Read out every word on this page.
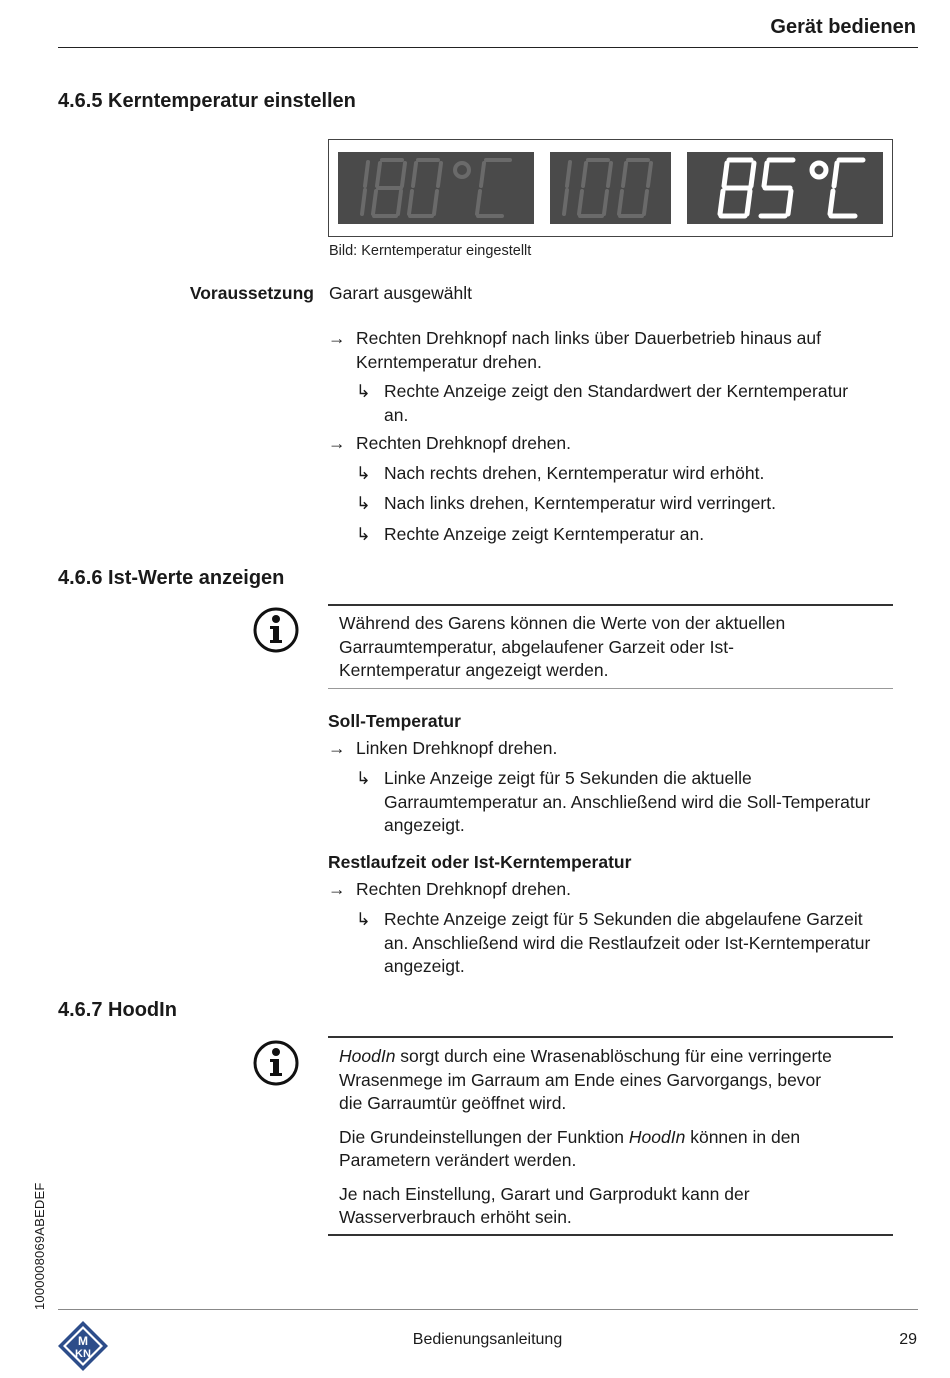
Gerät bedienen
4.6.5 Kerntemperatur einstellen
Bild: Kerntemperatur eingestellt
Voraussetzung Garart ausgewählt
→ Rechten Drehknopf nach links über Dauerbetrieb hinaus auf
Kerntemperatur drehen.
↳ Rechte Anzeige zeigt den Standardwert der Kerntemperatur
an.
→ Rechten Drehknopf drehen.
↳ Nach rechts drehen, Kerntemperatur wird erhöht.
↳ Nach links drehen, Kerntemperatur wird verringert.
↳ Rechte Anzeige zeigt Kerntemperatur an.
4.6.6 Ist-Werte anzeigen
Während des Garens können die Werte von der aktuellen
Garraumtemperatur, abgelaufener Garzeit oder Ist-
Kerntemperatur angezeigt werden.
Soll-Temperatur
→ Linken Drehknopf drehen.
↳ Linke Anzeige zeigt für 5 Sekunden die aktuelle
Garraumtemperatur an. Anschließend wird die Soll-Temperatur
angezeigt.
Restlaufzeit oder Ist-Kerntemperatur
→ Rechten Drehknopf drehen.
↳ Rechte Anzeige zeigt für 5 Sekunden die abgelaufene Garzeit
an. Anschließend wird die Restlaufzeit oder Ist-Kerntemperatur
angezeigt.
4.6.7 HoodIn
HoodIn sorgt durch eine Wrasenablöschung für eine verringerte
Wrasenmege im Garraum am Ende eines Garvorgangs, bevor
die Garraumtür geöffnet wird.
Die Grundeinstellungen der Funktion HoodIn können in den
Parametern verändert werden.
Je nach Einstellung, Garart und Garprodukt kann der
Wasserverbrauch erhöht sein.
1000008069ABEDEF
M
KN
Bedienungsanleitung	29
